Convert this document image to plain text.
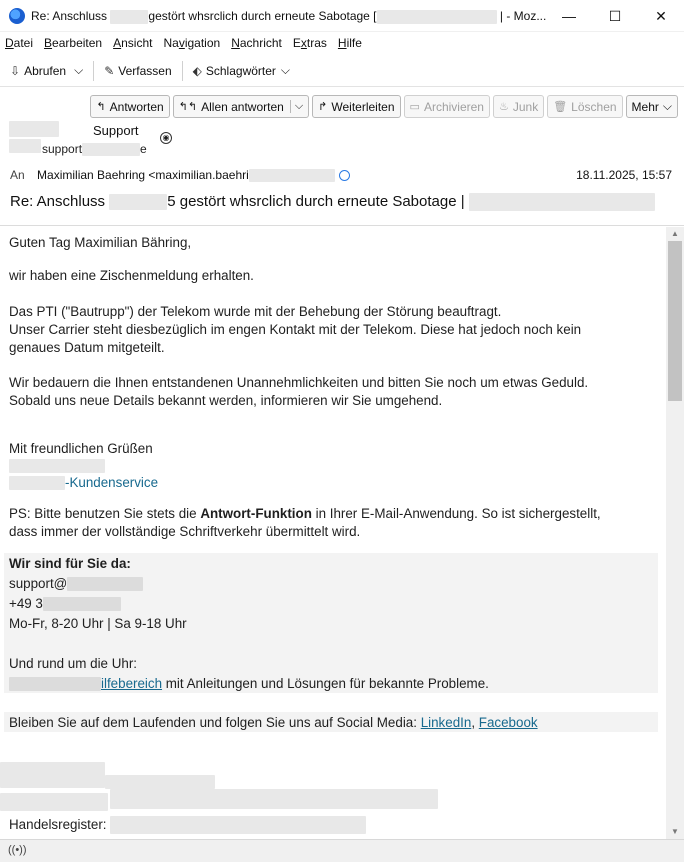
Re: Anschluss	gestört whsrclich durch erneute Sabotage [	| - Moz... — ☐ ✕
Datei Bearbeiten Ansicht Navigation Nachricht Extras Hilfe
⇩ Abrufen ⌵ ✎ Verfassen ⬖ Schlagwörter ⌵
↰ Antworten ↰↰ Allen antworten	⌵ ↱ Weiterleiten ▭ Archivieren ♨ Junk 🗑 Löschen Mehr ⌵
Support	◉
support	e
An Maximilian Baehring <maximilian.baehri	18.11.2025, 15:57
Re: Anschluss	5 gestört whsrclich durch erneute Sabotage |
Guten Tag Maximilian Bähring,
wir haben eine Zischenmeldung erhalten.
Das PTI ("Bautrupp") der Telekom wurde mit der Behebung der Störung beauftragt.
Unser Carrier steht diesbezüglich im engen Kontakt mit der Telekom. Diese hat jedoch noch kein
genaues Datum mitgeteilt.
Wir bedauern die Ihnen entstandenen Unannehmlichkeiten und bitten Sie noch um etwas Geduld.
Sobald uns neue Details bekannt werden, informieren wir Sie umgehend.
Mit freundlichen Grüßen
-Kundenservice
PS: Bitte benutzen Sie stets die Antwort-Funktion in Ihrer E-Mail-Anwendung. So ist sichergestellt,
dass immer der vollständige Schriftverkehr übermittelt wird.
Wir sind für Sie da:
support@
+49 3
Mo-Fr, 8-20 Uhr | Sa 9-18 Uhr
Und rund um die Uhr:
ilfebereich mit Anleitungen und Lösungen für bekannte Probleme.
Bleiben Sie auf dem Laufenden und folgen Sie uns auf Social Media: LinkedIn, Facebook
Handelsregister:
▲
▼
((•))
